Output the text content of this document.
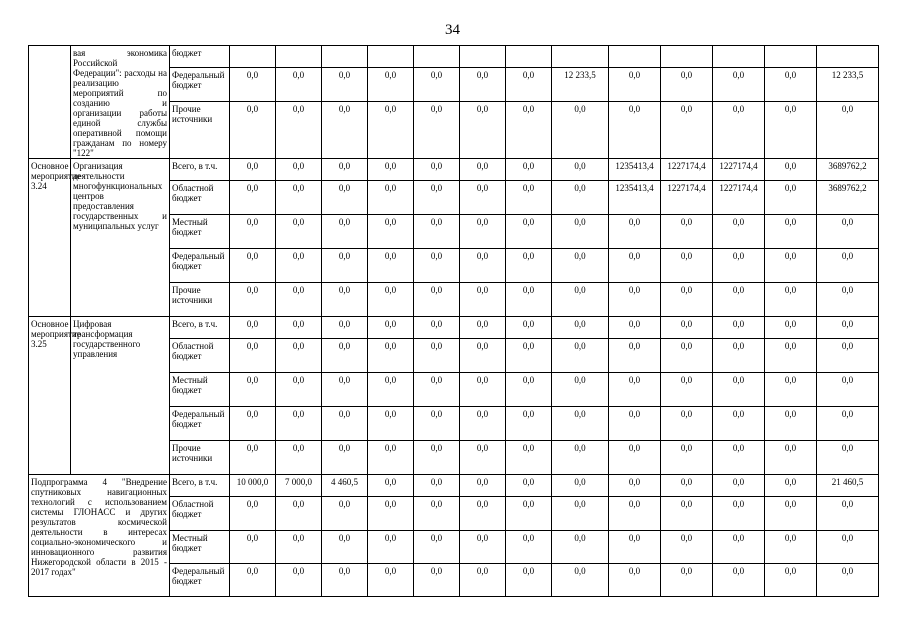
34
	вая экономика Российской Федерации": расходы на реализацию мероприятий по созданию и организации работы единой службы оперативной помощи гражданам по номеру "122"	бюджет													
		Федеральный бюджет	0,0	0,0	0,0	0,0	0,0	0,0	0,0	12 233,5	0,0	0,0	0,0	0,0	12 233,5
		Прочие источники	0,0	0,0	0,0	0,0	0,0	0,0	0,0	0,0	0,0	0,0	0,0	0,0	0,0
Основное мероприятие 3.24	Организация деятельности многофункциональных центров предоставления государственных и муниципальных услуг	Всего, в т.ч.	0,0	0,0	0,0	0,0	0,0	0,0	0,0	0,0	1235413,4	1227174,4	1227174,4	0,0	3689762,2
		Областной бюджет	0,0	0,0	0,0	0,0	0,0	0,0	0,0	0,0	1235413,4	1227174,4	1227174,4	0,0	3689762,2
		Местный бюджет	0,0	0,0	0,0	0,0	0,0	0,0	0,0	0,0	0,0	0,0	0,0	0,0	0,0
		Федеральный бюджет	0,0	0,0	0,0	0,0	0,0	0,0	0,0	0,0	0,0	0,0	0,0	0,0	0,0
		Прочие источники	0,0	0,0	0,0	0,0	0,0	0,0	0,0	0,0	0,0	0,0	0,0	0,0	0,0
Основное мероприятие 3.25	Цифровая трансформация государственного управления	Всего, в т.ч.	0,0	0,0	0,0	0,0	0,0	0,0	0,0	0,0	0,0	0,0	0,0	0,0	0,0
		Областной бюджет	0,0	0,0	0,0	0,0	0,0	0,0	0,0	0,0	0,0	0,0	0,0	0,0	0,0
		Местный бюджет	0,0	0,0	0,0	0,0	0,0	0,0	0,0	0,0	0,0	0,0	0,0	0,0	0,0
		Федеральный бюджет	0,0	0,0	0,0	0,0	0,0	0,0	0,0	0,0	0,0	0,0	0,0	0,0	0,0
		Прочие источники	0,0	0,0	0,0	0,0	0,0	0,0	0,0	0,0	0,0	0,0	0,0	0,0	0,0
Подпрограмма 4 "Внедрение спутниковых навигационных технологий с использованием системы ГЛОНАСС и других результатов космической деятельности в интересах социально-экономического и инновационного развития Нижегородской области в 2015 - 2017 годах"		Всего, в т.ч.	10 000,0	7 000,0	4 460,5	0,0	0,0	0,0	0,0	0,0	0,0	0,0	0,0	0,0	21 460,5
		Областной бюджет	0,0	0,0	0,0	0,0	0,0	0,0	0,0	0,0	0,0	0,0	0,0	0,0	0,0
		Местный бюджет	0,0	0,0	0,0	0,0	0,0	0,0	0,0	0,0	0,0	0,0	0,0	0,0	0,0
		Федеральный бюджет	0,0	0,0	0,0	0,0	0,0	0,0	0,0	0,0	0,0	0,0	0,0	0,0	0,0
